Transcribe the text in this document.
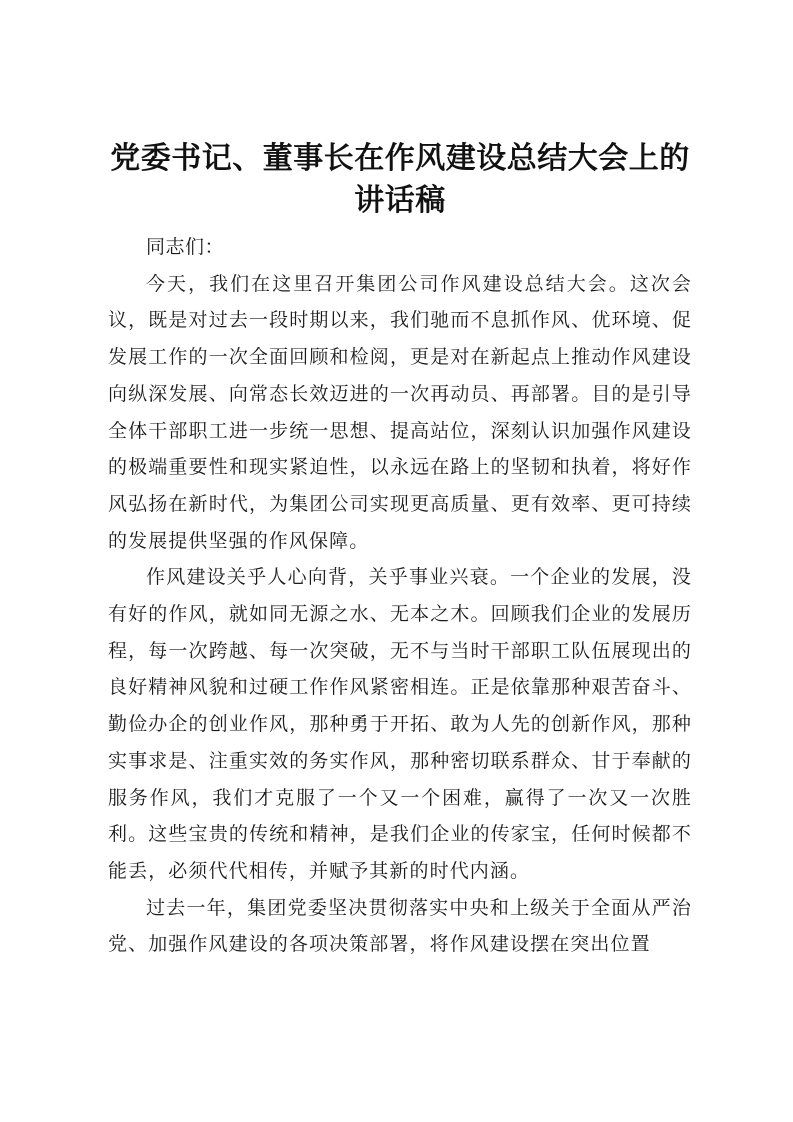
党委书记、董事长在作风建设总结大会上的讲话稿

同志们：

今天，我们在这里召开集团公司作风建设总结大会。这次会议，既是对过去一段时期以来，我们驰而不息抓作风、优环境、促发展工作的一次全面回顾和检阅，更是对在新起点上推动作风建设向纵深发展、向常态长效迈进的一次再动员、再部署。目的是引导全体干部职工进一步统一思想、提高站位，深刻认识加强作风建设的极端重要性和现实紧迫性，以永远在路上的坚韧和执着，将好作风弘扬在新时代，为集团公司实现更高质量、更有效率、更可持续的发展提供坚强的作风保障。

作风建设关乎人心向背，关乎事业兴衰。一个企业的发展，没有好的作风，就如同无源之水、无本之木。回顾我们企业的发展历程，每一次跨越、每一次突破，无不与当时干部职工队伍展现出的良好精神风貌和过硬工作作风紧密相连。正是依靠那种艰苦奋斗、勤俭办企的创业作风，那种勇于开拓、敢为人先的创新作风，那种实事求是、注重实效的务实作风，那种密切联系群众、甘于奉献的服务作风，我们才克服了一个又一个困难，赢得了一次又一次胜利。这些宝贵的传统和精神，是我们企业的传家宝，任何时候都不能丢，必须代代相传，并赋予其新的时代内涵。

过去一年，集团党委坚决贯彻落实中央和上级关于全面从严治党、加强作风建设的各项决策部署，将作风建设摆在突出位置
